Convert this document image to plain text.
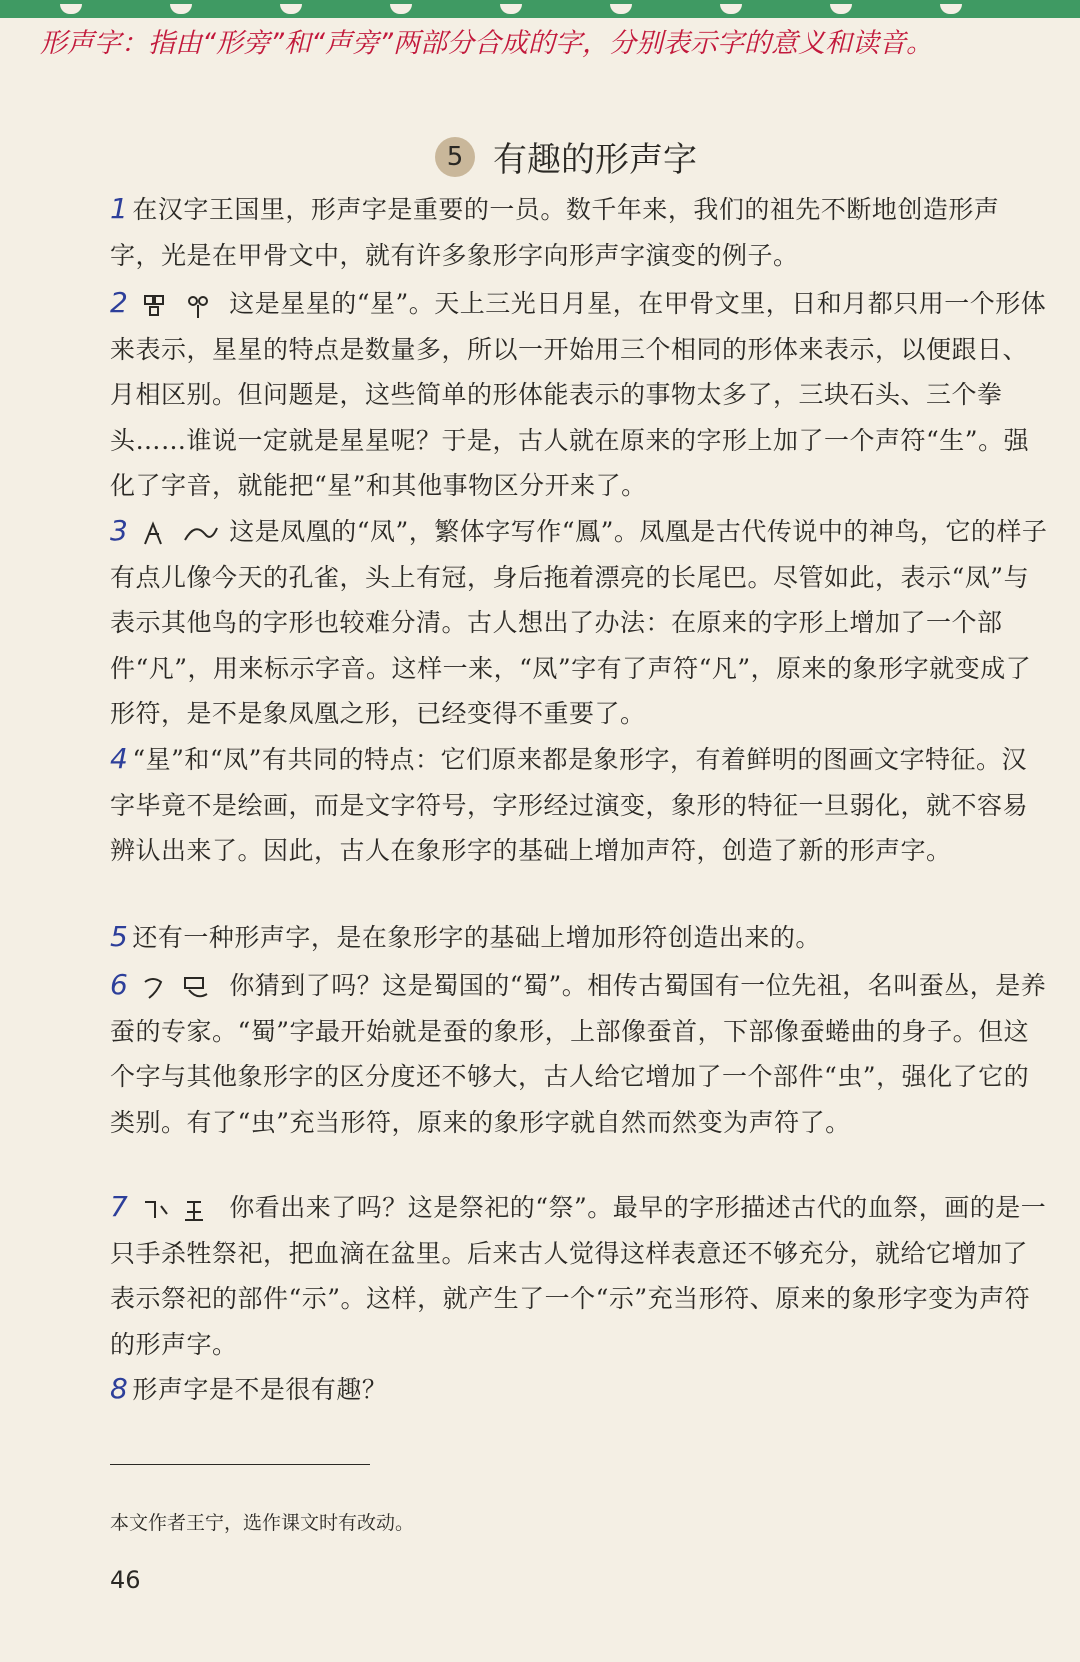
形声字：指由“形旁”和“声旁”两部分合成的字，分别表示字的意义和读音。
5 有趣的形声字
1 在汉字王国里，形声字是重要的一员。数千年来，我们的祖先不断地创造形声字，光是在甲骨文中，就有许多象形字向形声字演变的例子。
2	这是星星的“星”。天上三光日月星，在甲骨文里，日和月都只用一个形体来表示，星星的特点是数量多，所以一开始用三个相同的形体来表示，以便跟日、月相区别。但问题是，这些简单的形体能表示的事物太多了，三块石头、三个拳头……谁说一定就是星星呢？于是，古人就在原来的字形上加了一个声符“生”。强化了字音，就能把“星”和其他事物区分开来了。
3	这是凤凰的“凤”，繁体字写作“鳳”。凤凰是古代传说中的神鸟，它的样子有点儿像今天的孔雀，头上有冠，身后拖着漂亮的长尾巴。尽管如此，表示“凤”与表示其他鸟的字形也较难分清。古人想出了办法：在原来的字形上增加了一个部件“凡”，用来标示字音。这样一来，“凤”字有了声符“凡”，原来的象形字就变成了形符，是不是象凤凰之形，已经变得不重要了。
4 “星”和“凤”有共同的特点：它们原来都是象形字，有着鲜明的图画文字特征。汉字毕竟不是绘画，而是文字符号，字形经过演变，象形的特征一旦弱化，就不容易辨认出来了。因此，古人在象形字的基础上增加声符，创造了新的形声字。
5 还有一种形声字，是在象形字的基础上增加形符创造出来的。
6	你猜到了吗？这是蜀国的“蜀”。相传古蜀国有一位先祖，名叫蚕丛，是养蚕的专家。“蜀”字最开始就是蚕的象形，上部像蚕首，下部像蚕蜷曲的身子。但这个字与其他象形字的区分度还不够大，古人给它增加了一个部件“虫”，强化了它的类别。有了“虫”充当形符，原来的象形字就自然而然变为声符了。
7	你看出来了吗？这是祭祀的“祭”。最早的字形描述古代的血祭，画的是一只手杀牲祭祀，把血滴在盆里。后来古人觉得这样表意还不够充分，就给它增加了表示祭祀的部件“示”。这样，就产生了一个“示”充当形符、原来的象形字变为声符的形声字。
8 形声字是不是很有趣？
本文作者王宁，选作课文时有改动。
46
